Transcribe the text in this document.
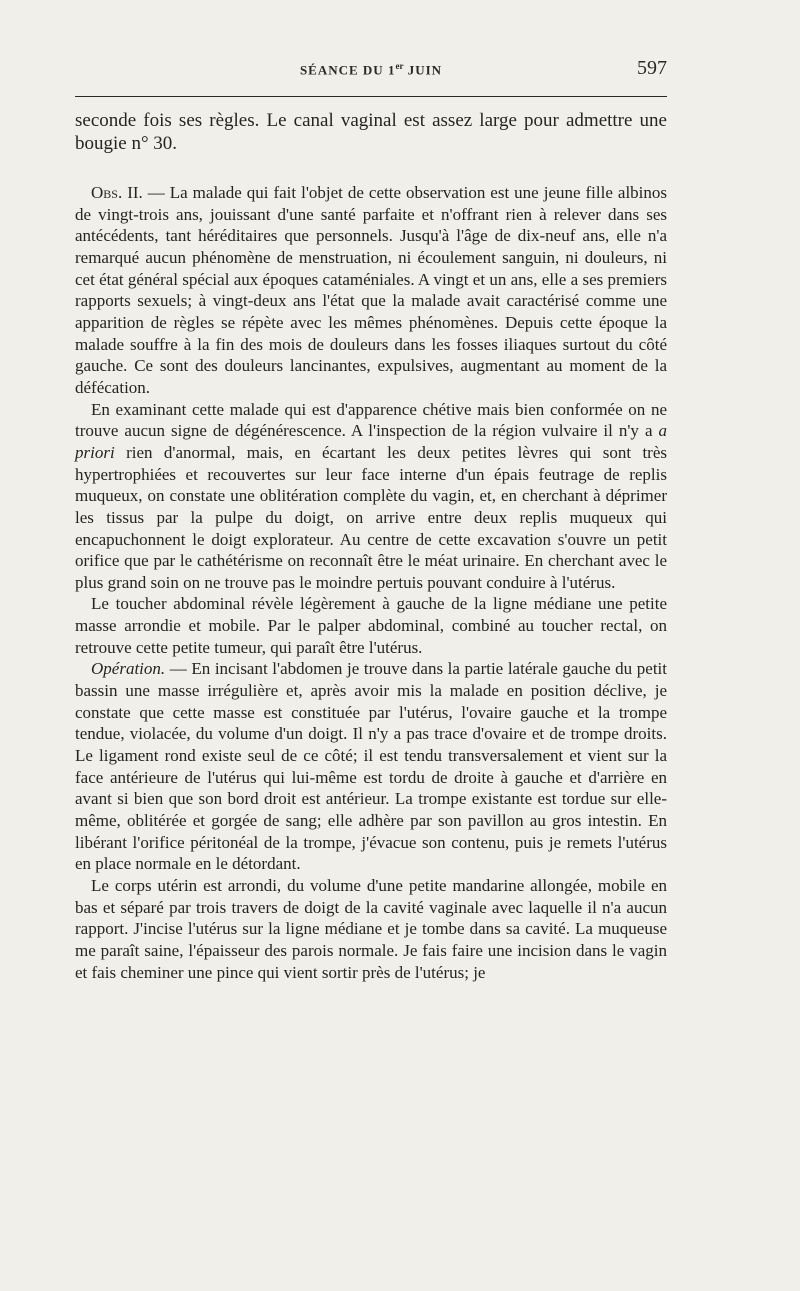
SÉANCE DU 1er JUIN	597

seconde fois ses règles. Le canal vaginal est assez large pour admettre une bougie n° 30.

Obs. II. — La malade qui fait l'objet de cette observation est une jeune fille albinos de vingt-trois ans, jouissant d'une santé parfaite et n'offrant rien à relever dans ses antécédents, tant héréditaires que personnels. Jusqu'à l'âge de dix-neuf ans, elle n'a remarqué aucun phénomène de menstruation, ni écoulement sanguin, ni douleurs, ni cet état général spécial aux époques cataméniales. A vingt et un ans, elle a ses premiers rapports sexuels; à vingt-deux ans l'état que la malade avait caractérisé comme une apparition de règles se répète avec les mêmes phénomènes. Depuis cette époque la malade souffre à la fin des mois de douleurs dans les fosses iliaques surtout du côté gauche. Ce sont des douleurs lancinantes, expulsives, augmentant au moment de la défécation.

En examinant cette malade qui est d'apparence chétive mais bien conformée on ne trouve aucun signe de dégénérescence. A l'inspection de la région vulvaire il n'y a a priori rien d'anormal, mais, en écartant les deux petites lèvres qui sont très hypertrophiées et recouvertes sur leur face interne d'un épais feutrage de replis muqueux, on constate une oblitération complète du vagin, et, en cherchant à déprimer les tissus par la pulpe du doigt, on arrive entre deux replis muqueux qui encapuchonnent le doigt explorateur. Au centre de cette excavation s'ouvre un petit orifice que par le cathétérisme on reconnaît être le méat urinaire. En cherchant avec le plus grand soin on ne trouve pas le moindre pertuis pouvant conduire à l'utérus.

Le toucher abdominal révèle légèrement à gauche de la ligne médiane une petite masse arrondie et mobile. Par le palper abdominal, combiné au toucher rectal, on retrouve cette petite tumeur, qui paraît être l'utérus.

Opération. — En incisant l'abdomen je trouve dans la partie latérale gauche du petit bassin une masse irrégulière et, après avoir mis la malade en position déclive, je constate que cette masse est constituée par l'utérus, l'ovaire gauche et la trompe tendue, violacée, du volume d'un doigt. Il n'y a pas trace d'ovaire et de trompe droits. Le ligament rond existe seul de ce côté; il est tendu transversalement et vient sur la face antérieure de l'utérus qui lui-même est tordu de droite à gauche et d'arrière en avant si bien que son bord droit est antérieur. La trompe existante est tordue sur elle-même, oblitérée et gorgée de sang; elle adhère par son pavillon au gros intestin. En libérant l'orifice péritonéal de la trompe, j'évacue son contenu, puis je remets l'utérus en place normale en le détordant.

Le corps utérin est arrondi, du volume d'une petite mandarine allongée, mobile en bas et séparé par trois travers de doigt de la cavité vaginale avec laquelle il n'a aucun rapport. J'incise l'utérus sur la ligne médiane et je tombe dans sa cavité. La muqueuse me paraît saine, l'épaisseur des parois normale. Je fais faire une incision dans le vagin et fais cheminer une pince qui vient sortir près de l'utérus; je
